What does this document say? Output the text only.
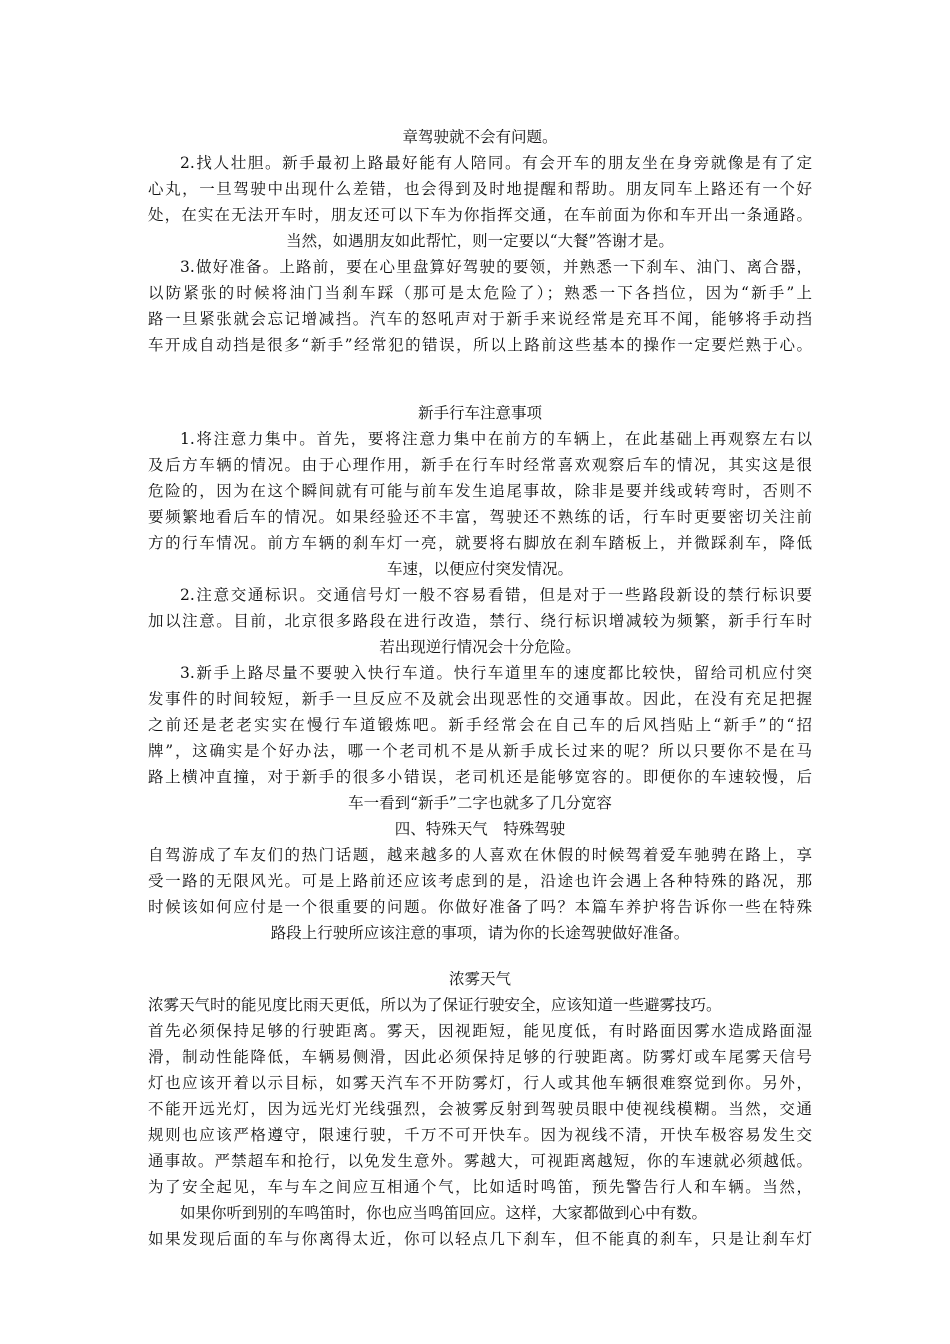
章驾驶就不会有问题。
2.找人壮胆。新手最初上路最好能有人陪同。有会开车的朋友坐在身旁就像是有了定
心丸，一旦驾驶中出现什么差错，也会得到及时地提醒和帮助。朋友同车上路还有一个好
处，在实在无法开车时，朋友还可以下车为你指挥交通，在车前面为你和车开出一条通路。
当然，如遇朋友如此帮忙，则一定要以“大餐”答谢才是。
3.做好准备。上路前，要在心里盘算好驾驶的要领，并熟悉一下刹车、油门、离合器，
以防紧张的时候将油门当刹车踩（那可是太危险了）；熟悉一下各挡位，因为“新手”上
路一旦紧张就会忘记增减挡。汽车的怒吼声对于新手来说经常是充耳不闻，能够将手动挡
车开成自动挡是很多“新手”经常犯的错误，所以上路前这些基本的操作一定要烂熟于心。
新手行车注意事项
1.将注意力集中。首先，要将注意力集中在前方的车辆上，在此基础上再观察左右以
及后方车辆的情况。由于心理作用，新手在行车时经常喜欢观察后车的情况，其实这是很
危险的，因为在这个瞬间就有可能与前车发生追尾事故，除非是要并线或转弯时，否则不
要频繁地看后车的情况。如果经验还不丰富，驾驶还不熟练的话，行车时更要密切关注前
方的行车情况。前方车辆的刹车灯一亮，就要将右脚放在刹车踏板上，并微踩刹车，降低
车速，以便应付突发情况。
2.注意交通标识。交通信号灯一般不容易看错，但是对于一些路段新设的禁行标识要
加以注意。目前，北京很多路段在进行改造，禁行、绕行标识增减较为频繁，新手行车时
若出现逆行情况会十分危险。
3.新手上路尽量不要驶入快行车道。快行车道里车的速度都比较快，留给司机应付突
发事件的时间较短，新手一旦反应不及就会出现恶性的交通事故。因此，在没有充足把握
之前还是老老实实在慢行车道锻炼吧。新手经常会在自己车的后风挡贴上“新手”的“招
牌”，这确实是个好办法，哪一个老司机不是从新手成长过来的呢？所以只要你不是在马
路上横冲直撞，对于新手的很多小错误，老司机还是能够宽容的。即便你的车速较慢，后
车一看到“新手”二字也就多了几分宽容
四、特殊天气　特殊驾驶
自驾游成了车友们的热门话题，越来越多的人喜欢在休假的时候驾着爱车驰骋在路上，享
受一路的无限风光。可是上路前还应该考虑到的是，沿途也许会遇上各种特殊的路况，那
时候该如何应付是一个很重要的问题。你做好准备了吗？本篇车养护将告诉你一些在特殊
路段上行驶所应该注意的事项，请为你的长途驾驶做好准备。
浓雾天气
浓雾天气时的能见度比雨天更低，所以为了保证行驶安全，应该知道一些避雾技巧。
首先必须保持足够的行驶距离。雾天，因视距短，能见度低，有时路面因雾水造成路面湿
滑，制动性能降低，车辆易侧滑，因此必须保持足够的行驶距离。防雾灯或车尾雾天信号
灯也应该开着以示目标，如雾天汽车不开防雾灯，行人或其他车辆很难察觉到你。另外，
不能开远光灯，因为远光灯光线强烈，会被雾反射到驾驶员眼中使视线模糊。当然，交通
规则也应该严格遵守，限速行驶，千万不可开快车。因为视线不清，开快车极容易发生交
通事故。严禁超车和抢行，以免发生意外。雾越大，可视距离越短，你的车速就必须越低。
为了安全起见，车与车之间应互相通个气，比如适时鸣笛，预先警告行人和车辆。当然，
如果你听到别的车鸣笛时，你也应当鸣笛回应。这样，大家都做到心中有数。
如果发现后面的车与你离得太近，你可以轻点几下刹车，但不能真的刹车，只是让刹车灯
